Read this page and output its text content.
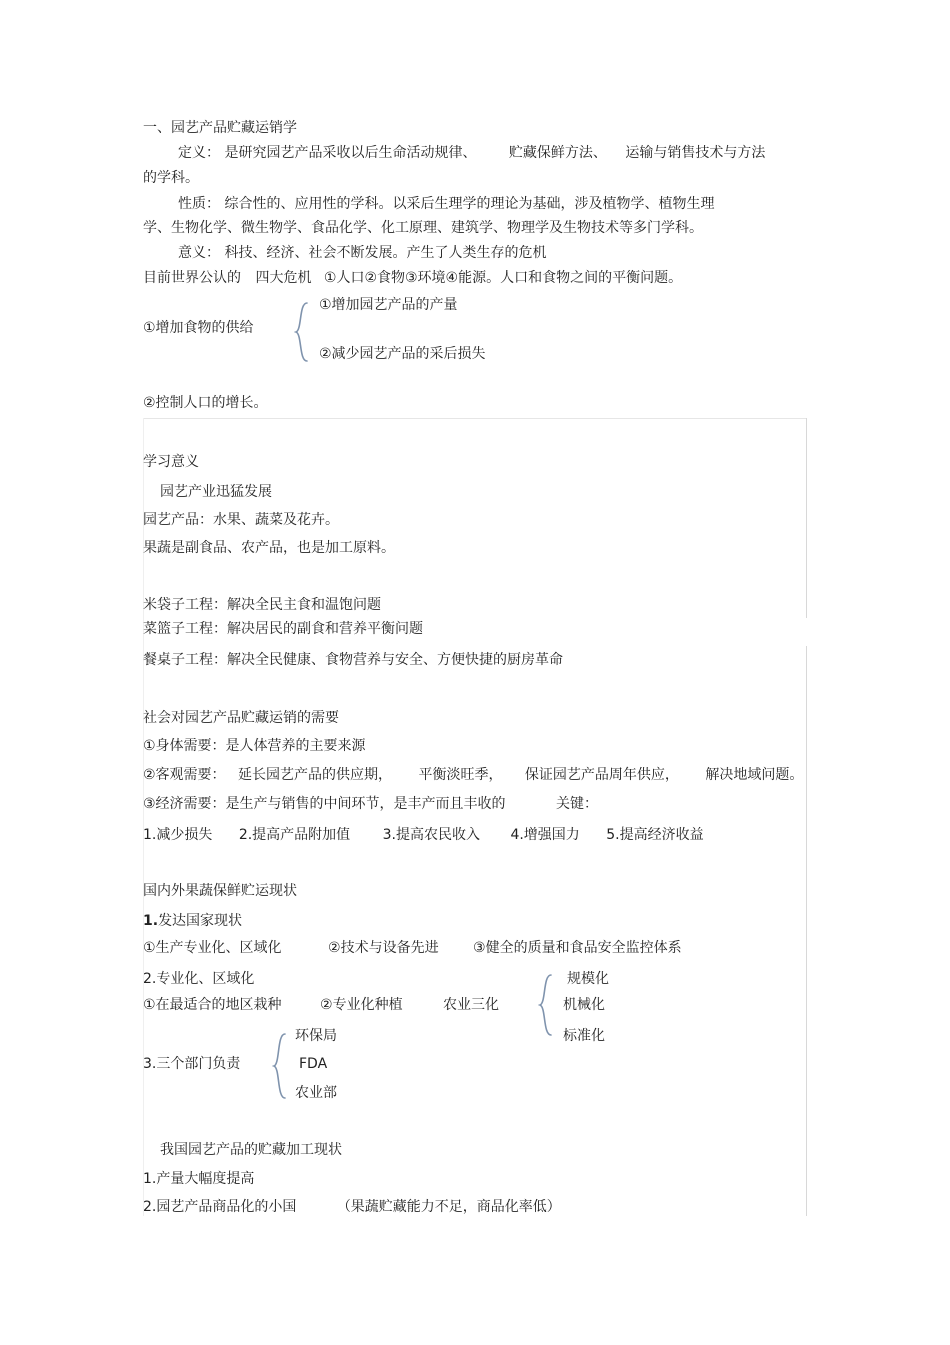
一、园艺产品贮藏运销学
定义： 是研究园艺产品采收以后生命活动规律、 贮藏保鲜方法、 运输与销售技术与方法
的学科。
性质： 综合性的、应用性的学科。以采后生理学的理论为基础，涉及植物学、植物生理
学、生物化学、微生物学、食品化学、化工原理、建筑学、物理学及生物技术等多门学科。
意义： 科技、经济、社会不断发展。产生了人类生存的危机
目前世界公认的 四大危机 ①人口②食物③环境④能源。人口和食物之间的平衡问题。
①增加食物的供给
①增加园艺产品的产量
②减少园艺产品的采后损失
②控制人口的增长。
学习意义
园艺产业迅猛发展
园艺产品：水果、蔬菜及花卉。
果蔬是副食品、农产品，也是加工原料。
米袋子工程：解决全民主食和温饱问题
菜篮子工程：解决居民的副食和营养平衡问题
餐桌子工程：解决全民健康、食物营养与安全、方便快捷的厨房革命
社会对园艺产品贮藏运销的需要
①身体需要：是人体营养的主要来源
②客观需要： 延长园艺产品的供应期， 平衡淡旺季， 保证园艺产品周年供应， 解决地域问题。
③经济需要：是生产与销售的中间环节，是丰产而且丰收的	关键：
1.减少损失 2.提高产品附加值 3.提高农民收入 4.增强国力 5.提高经济收益
国内外果蔬保鲜贮运现状
1.发达国家现状
①生产专业化、区域化	②技术与设备先进 ③健全的质量和食品安全监控体系
2.专业化、区域化
①在最适合的地区栽种	②专业化种植	农业三化
规模化
机械化
标准化
3.三个部门负责
环保局
FDA
农业部
我国园艺产品的贮藏加工现状
1.产量大幅度提高
2.园艺产品商品化的小国	（果蔬贮藏能力不足，商品化率低）
